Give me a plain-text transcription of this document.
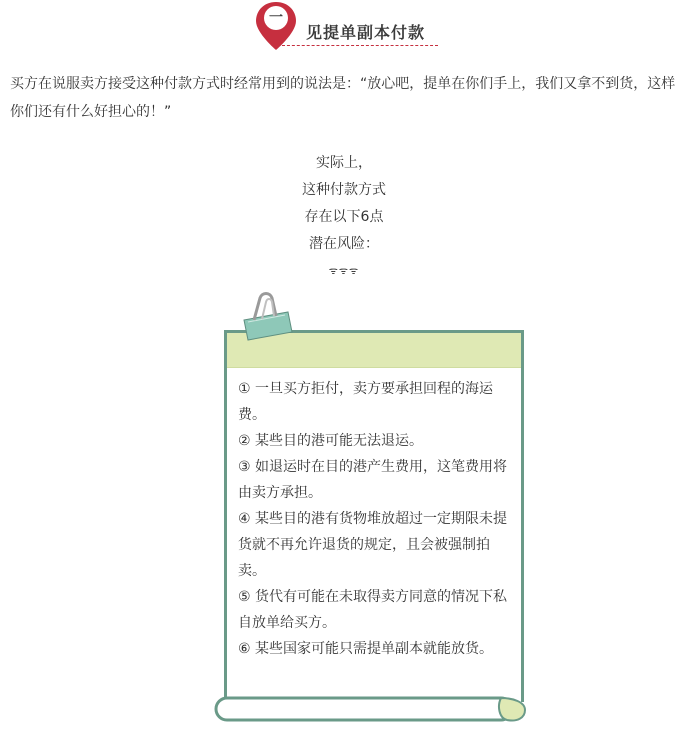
一
见提单副本付款
买方在说服卖方接受这种付款方式时经常用到的说法是：“放心吧，提单在你们手上，我们又拿不到货，这样你们还有什么好担心的！”
实际上，
这种付款方式
存在以下6点
潜在风险：
ᯤᯤᯤ

① 一旦买方拒付，卖方要承担回程的海运费。

② 某些目的港可能无法退运。

③ 如退运时在目的港产生费用，这笔费用将由卖方承担。

④ 某些目的港有货物堆放超过一定期限未提货就不再允许退货的规定，且会被强制拍卖。

⑤ 货代有可能在未取得卖方同意的情况下私自放单给买方。

⑥ 某些国家可能只需提单副本就能放货。
